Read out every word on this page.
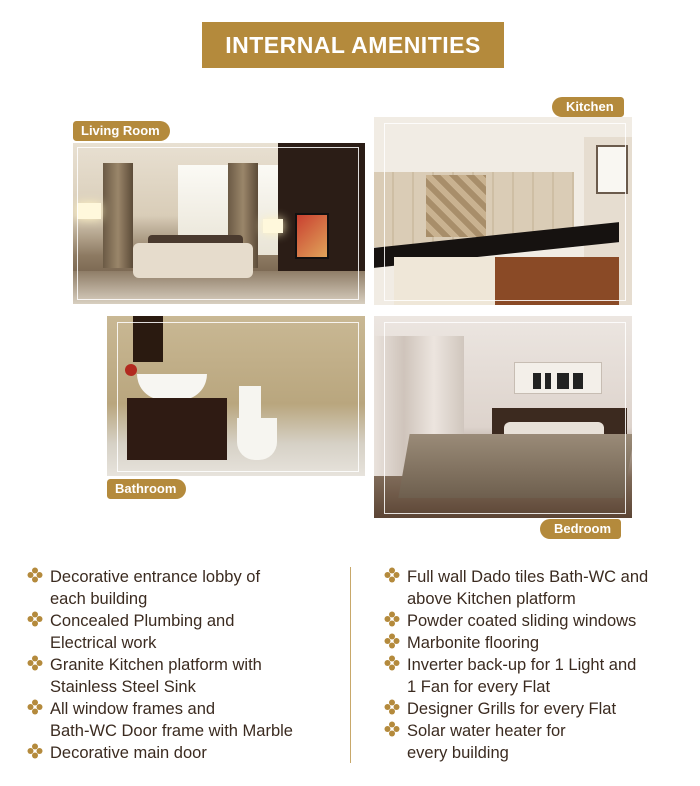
INTERNAL AMENITIES
Living Room
Kitchen
Bathroom
Bedroom
Decorative entrance lobby of
each building
Concealed Plumbing and
Electrical work
Granite Kitchen platform with
Stainless Steel Sink
All window frames and
Bath-WC Door frame with Marble
Decorative main door
Full wall Dado tiles Bath-WC and
above Kitchen platform
Powder coated sliding windows
Marbonite flooring
Inverter back-up for 1 Light and
1 Fan for every Flat
Designer Grills for every Flat
Solar water heater for
every building
